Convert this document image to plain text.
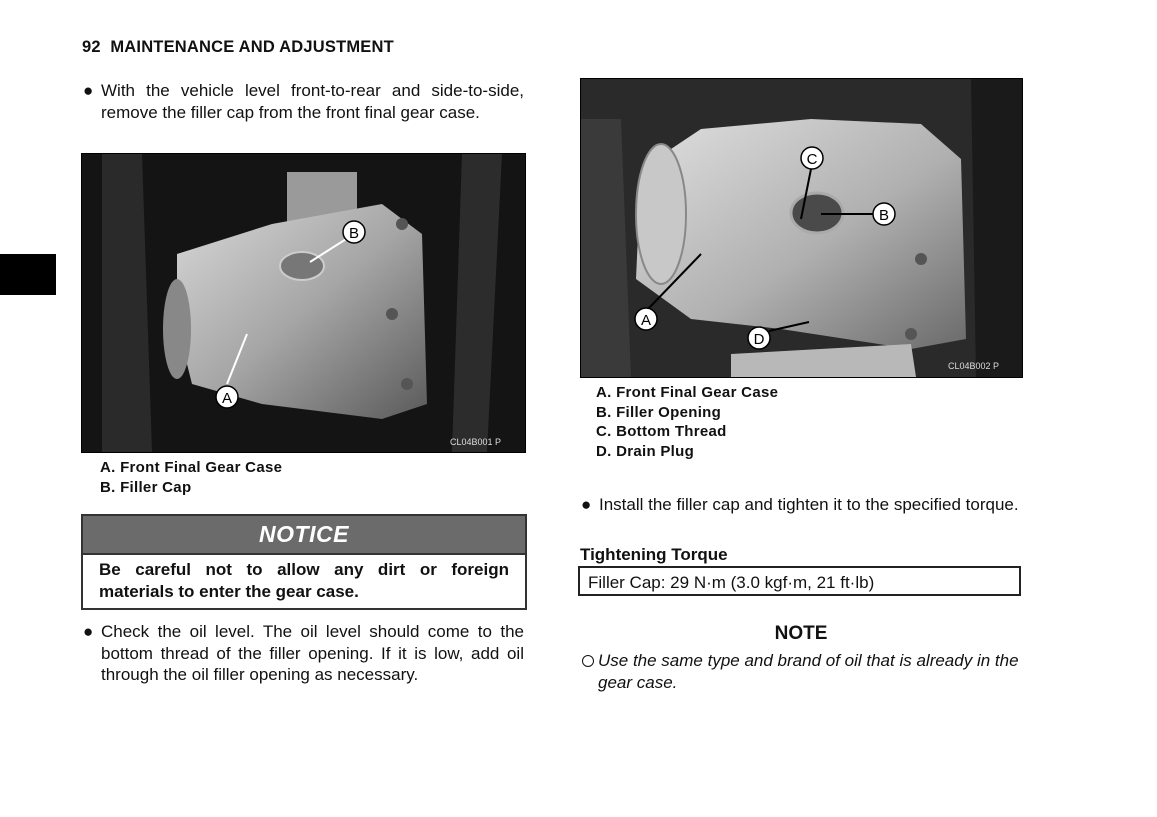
92 MAINTENANCE AND ADJUSTMENT
● With the vehicle level front-to-rear and side-to-side, remove the filler cap from the front final gear case.
B
A
CL04B001 P
A. Front Final Gear Case
B. Filler Cap
NOTICE
Be careful not to allow any dirt or foreign materials to enter the gear case.
● Check the oil level. The oil level should come to the bottom thread of the filler opening. If it is low, add oil through the oil filler opening as necessary.
B
C
A
D
CL04B002 P
A. Front Final Gear Case
B. Filler Opening
C. Bottom Thread
D. Drain Plug
● Install the filler cap and tighten it to the specified torque.
Tightening Torque
Filler Cap: 29 N·m (3.0 kgf·m, 21 ft·lb)
NOTE
Use the same type and brand of oil that is already in the gear case.
